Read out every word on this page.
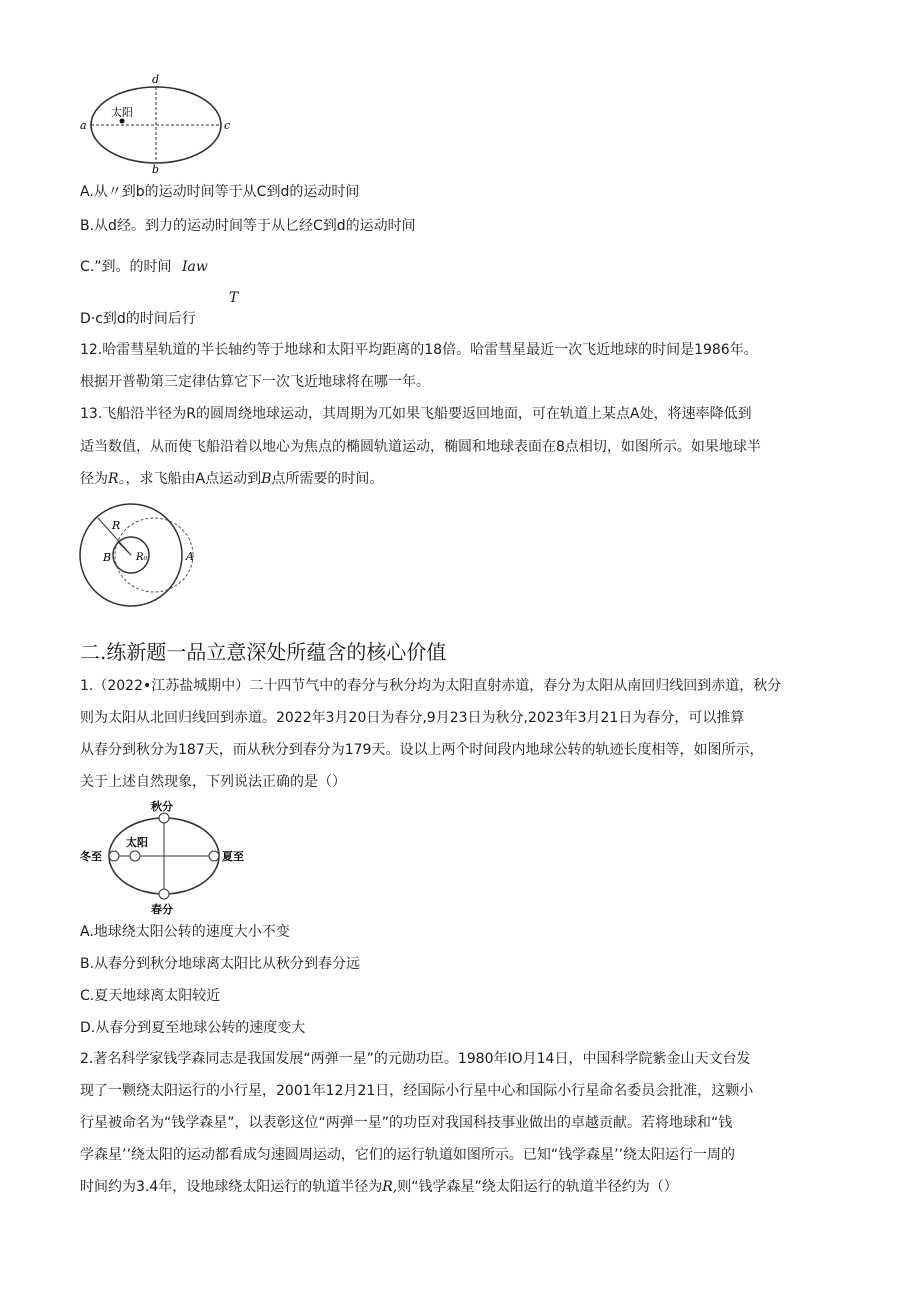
a	c
d
b
太阳
A.从〃到b的运动时间等于从C到d的运动时间
B.从d经。到力的运动时间等于从匕经C到d的运动时间
C.”到。的时间 Iaw
T
D·c到d的时间后行
12.哈雷彗星轨道的半长轴约等于地球和太阳平均距离的18倍。哈雷彗星最近一次飞近地球的时间是1986年。
根据开普勒第三定律估算它下一次飞近地球将在哪一年。
13.飞船沿半径为R的圆周绕地球运动，其周期为兀如果飞船要返回地面，可在轨道上某点A处，将速率降低到
适当数值，从而使飞船沿着以地心为焦点的椭圆轨道运动，椭圆和地球表面在8点相切，如图所示。如果地球半
径为R。，求飞船由A点运动到B点所需要的时间。
R
B R₀	A
二.练新题一品立意深处所蕴含的核心价值
1.（2022•江苏盐城期中）二十四节气中的春分与秋分均为太阳直射赤道，春分为太阳从南回归线回到赤道，秋分
则为太阳从北回归线回到赤道。2022年3月20日为春分,9月23日为秋分,2023年3月21日为春分，可以推算
从春分到秋分为187天，而从秋分到春分为179天。设以上两个时间段内地球公转的轨迹长度相等，如图所示，
关于上述自然现象，下列说法正确的是（）
秋分
太阳
冬至	夏至
春分
A.地球绕太阳公转的速度大小不变
B.从春分到秋分地球离太阳比从秋分到春分远
C.夏天地球离太阳较近
D.从春分到夏至地球公转的速度变大
2.著名科学家钱学森同志是我国发展“两弹一星”的元勋功臣。1980年IO月14日，中国科学院紫金山天文台发
现了一颗绕太阳运行的小行星，2001年12月21日，经国际小行星中心和国际小行星命名委员会批准，这颗小
行星被命名为“钱学森星”，以表彰这位“两弹一星”的功臣对我国科技事业做出的卓越贡献。若将地球和“钱
学森星’’绕太阳的运动都看成匀速圆周运动，它们的运行轨道如图所示。已知“钱学森星’’绕太阳运行一周的
时间约为3.4年，设地球绕太阳运行的轨道半径为R,则“钱学森星”绕太阳运行的轨道半径约为（）
